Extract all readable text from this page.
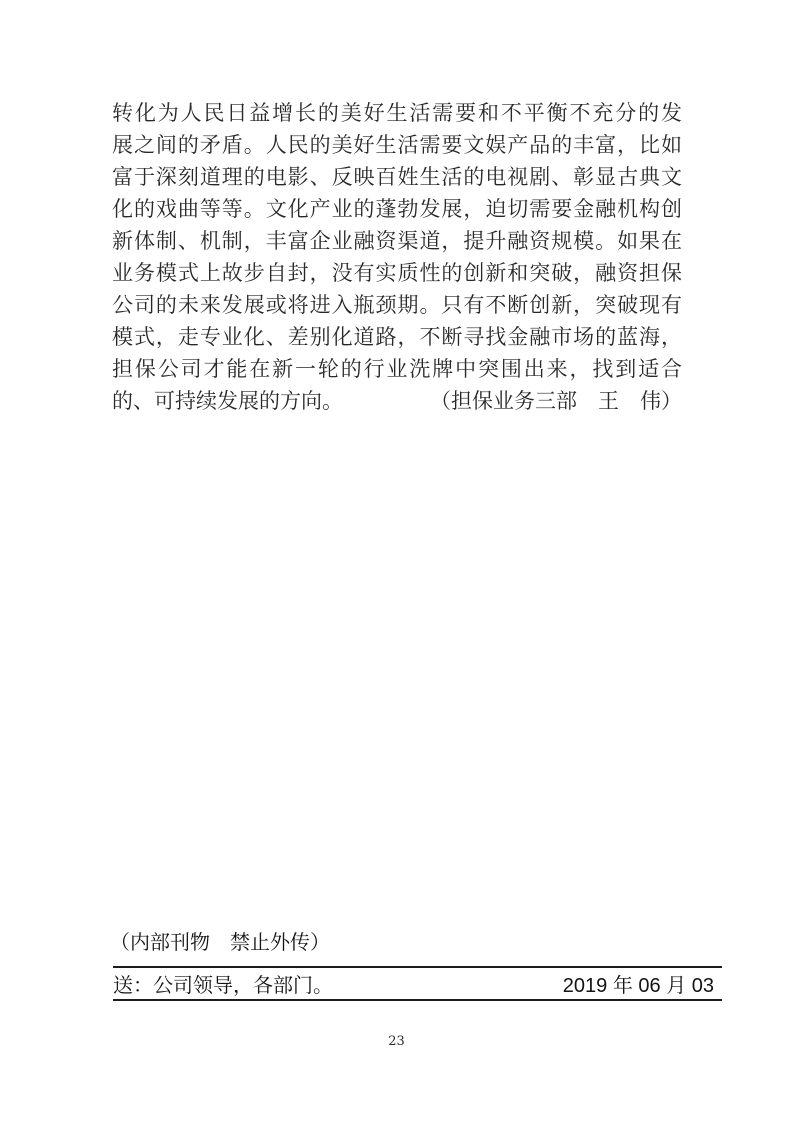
转化为人民日益增长的美好生活需要和不平衡不充分的发
展之间的矛盾。人民的美好生活需要文娱产品的丰富，比如
富于深刻道理的电影、反映百姓生活的电视剧、彰显古典文
化的戏曲等等。文化产业的蓬勃发展，迫切需要金融机构创
新体制、机制，丰富企业融资渠道，提升融资规模。如果在
业务模式上故步自封，没有实质性的创新和突破，融资担保
公司的未来发展或将进入瓶颈期。只有不断创新，突破现有
模式，走专业化、差别化道路，不断寻找金融市场的蓝海，
担保公司才能在新一轮的行业洗牌中突围出来，找到适合
的、可持续发展的方向。	（担保业务三部　王　伟）
（内部刊物　禁止外传）
送：公司领导，各部门。	2019 年 06 月 03
23
